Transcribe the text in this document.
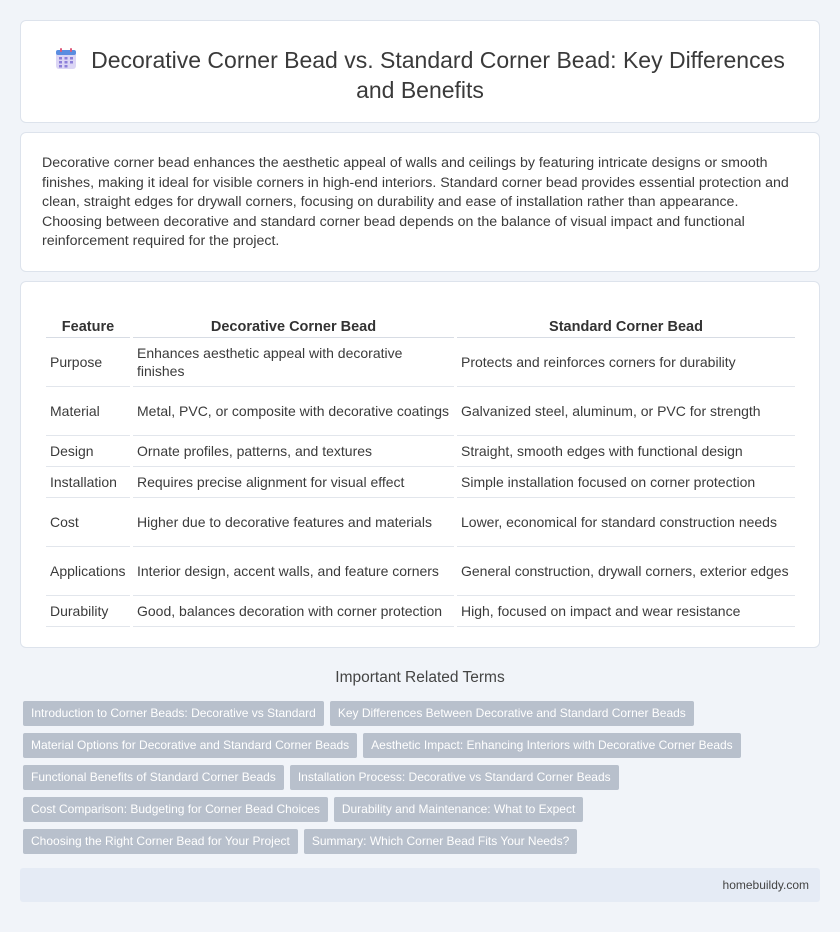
Decorative Corner Bead vs. Standard Corner Bead: Key Differences and Benefits

Decorative corner bead enhances the aesthetic appeal of walls and ceilings by featuring intricate designs or smooth finishes, making it ideal for visible corners in high-end interiors. Standard corner bead provides essential protection and clean, straight edges for drywall corners, focusing on durability and ease of installation rather than appearance. Choosing between decorative and standard corner bead depends on the balance of visual impact and functional reinforcement required for the project.

Feature	Decorative Corner Bead	Standard Corner Bead
Purpose	Enhances aesthetic appeal with decorative finishes	Protects and reinforces corners for durability
Material	Metal, PVC, or composite with decorative coatings	Galvanized steel, aluminum, or PVC for strength
Design	Ornate profiles, patterns, and textures	Straight, smooth edges with functional design
Installation	Requires precise alignment for visual effect	Simple installation focused on corner protection
Cost	Higher due to decorative features and materials	Lower, economical for standard construction needs
Applications	Interior design, accent walls, and feature corners	General construction, drywall corners, exterior edges
Durability	Good, balances decoration with corner protection	High, focused on impact and wear resistance
Important Related Terms
Introduction to Corner Beads: Decorative vs Standard Key Differences Between Decorative and Standard Corner Beads
Material Options for Decorative and Standard Corner Beads Aesthetic Impact: Enhancing Interiors with Decorative Corner Beads
Functional Benefits of Standard Corner Beads Installation Process: Decorative vs Standard Corner Beads
Cost Comparison: Budgeting for Corner Bead Choices Durability and Maintenance: What to Expect
Choosing the Right Corner Bead for Your Project Summary: Which Corner Bead Fits Your Needs?
homebuildy.com
